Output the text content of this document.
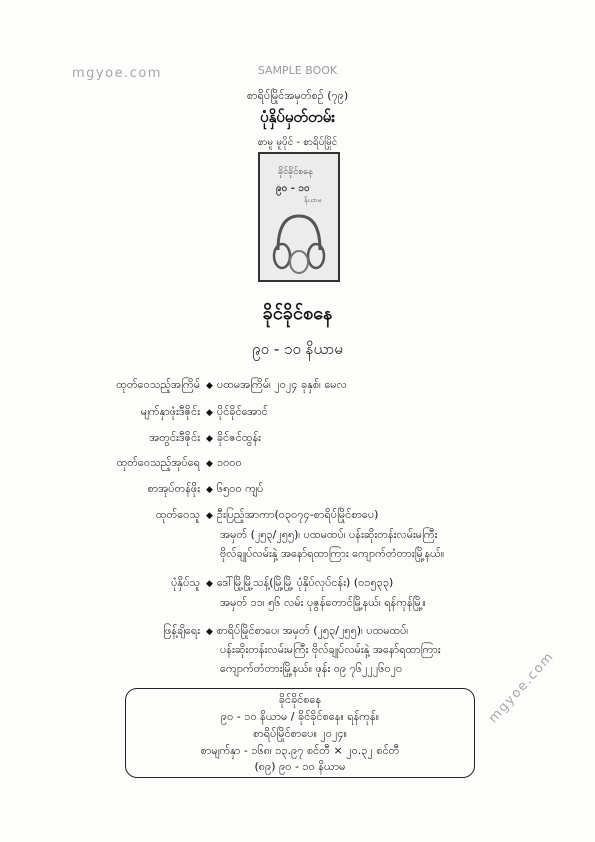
mgyoe.com	SAMPLE BOOK
mgyoe.com
စာရိပ်မြိုင်အမှတ်စဉ် (၇၉)
ပုံနှိပ်မှတ်တမ်း
စာမူ မူပိုင် - စာရိပ်မြိုင်
ခိုင်ခိုင်စနေ
၉၀ - ၁၀
နိယာမ
ခိုင်ခိုင်စနေ
၉၀ - ၁၀ နိယာမ
ထုတ်ဝေသည့်အကြိမ် ◆ ပထမအကြိမ်၊ ၂၀၂၄ ခုနှစ်၊ မေလ
မျက်နှာဖုံးဒီဇိုင်း ◆ ပိုင်ခိုင်အောင်
အတွင်းဒီဇိုင်း ◆ ခိုင်ဇင်ထွန်း
ထုတ်ဝေသည့်အုပ်ရေ ◆ ၁၀၀၀
စာအုပ်တန်ဖိုး ◆ ၆၅၀၀ ကျပ်
ထုတ်ဝေသူ ◆ ဦးပြည့်အာကာ(၀၃၀၇၄-စာရိပ်မြိုင်စာပေ)
အမှတ် (၂၅၃/၂၅၅)၊ ပထမထပ်၊ ပန်းဆိုးတန်းလမ်းမကြီး
ဗိုလ်ချုပ်လမ်းနှဲ့ အနော်ရထာကြား ကျောက်တံတားမြို့နယ်။
ပုံနှိပ်သူ ◆ ဒေါ်မြို့မြို့သန့်(မြို့မြို့ ပုံနှိပ်လုပ်ငန်း) (၀၁၅၃၃)
အမှတ် ၁၁၊ ၅၆ လမ်း ပုဇွန်တောင်မြို့နယ်၊ ရန်ကုန်မြို့။
ဖြန့်ချိရေး ◆ စာရိပ်မြိုင်စာပေ၊ အမှတ် (၂၅၃/၂၅၅)၊ ပထမထပ်၊
ပန်းဆိုးတန်းလမ်းမကြီး ဗိုလ်ချုပ်လမ်းနှဲ့ အနော်ရထာကြား
ကျောက်တံတားမြို့နယ်။ ဖုန်း ၀၉ ၇၆၂၂၂၆၀၂၀
ခိုင်ခိုင်စနေ
၉၀ - ၁၀ နိယာမ / ခိုင်ခိုင်စနေ။ ရန်ကုန်။
စာရိပ်မြိုင်စာပေ။ ၂၀၂၄။
စာမျက်နှာ - ၁၆၈၊ ၁၃.၉၇ စင်တီ × ၂၀.၃၂ စင်တီ
(၈၉) ၉၀ - ၁၀ နိယာမ
